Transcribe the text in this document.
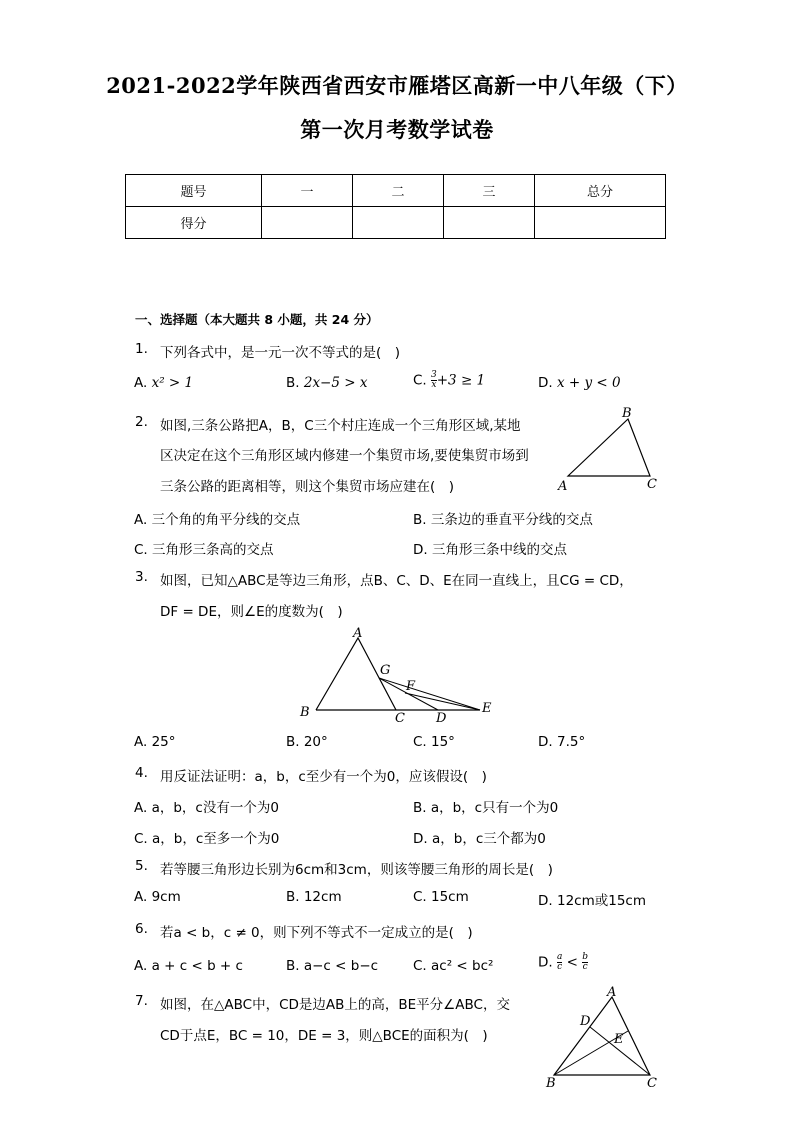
2021-2022学年陕西省西安市雁塔区高新一中八年级（下）
第一次月考数学试卷
题号	一	二	三	总分
得分				
一、选择题（本大题共 8 小题，共 24 分）
1. 下列各式中，是一元一次不等式的是(　)
A. x² > 1	B. 2x−5 > x	C. $\frac{3}{x} +3 \ge 1$	D. x + y < 0
2. 如图,三条公路把A，B，C三个村庄连成一个三角形区域,某地
区决定在这个三角形区域内修建一个集贸市场,要使集贸市场到
三条公路的距离相等，则这个集贸市场应建在(　)
B
A	C
A. 三个角的角平分线的交点	B. 三条边的垂直平分线的交点
C. 三角形三条高的交点	D. 三角形三条中线的交点
3. 如图，已知△ABC是等边三角形，点B、C、D、E在同一直线上，且CG = CD，
DF = DE，则∠E的度数为(　)
A
B	C D
E
F
G
A. 25°	B. 20°	C. 15°	D. 7.5°
4. 用反证法证明：a，b，c至少有一个为0，应该假设(　)
A. a，b，c没有一个为0	B. a，b，c只有一个为0
C. a，b，c至多一个为0	D. a，b，c三个都为0
5. 若等腰三角形边长别为6cm和3cm，则该等腰三角形的周长是(　)
A. 9cm	B. 12cm	C. 15cm	D. 12cm或15cm
6. 若a < b，c ≠ 0，则下列不等式不一定成立的是(　)
A. a + c < b + c	B. a−c < b−c	C. ac² < bc²	D. $\frac{a}{c} < \frac{b}{c}$
7. 如图，在△ABC中，CD是边AB上的高，BE平分∠ABC，交
CD于点E，BC = 10，DE = 3，则△BCE的面积为(　)
A
D
E
B	C
